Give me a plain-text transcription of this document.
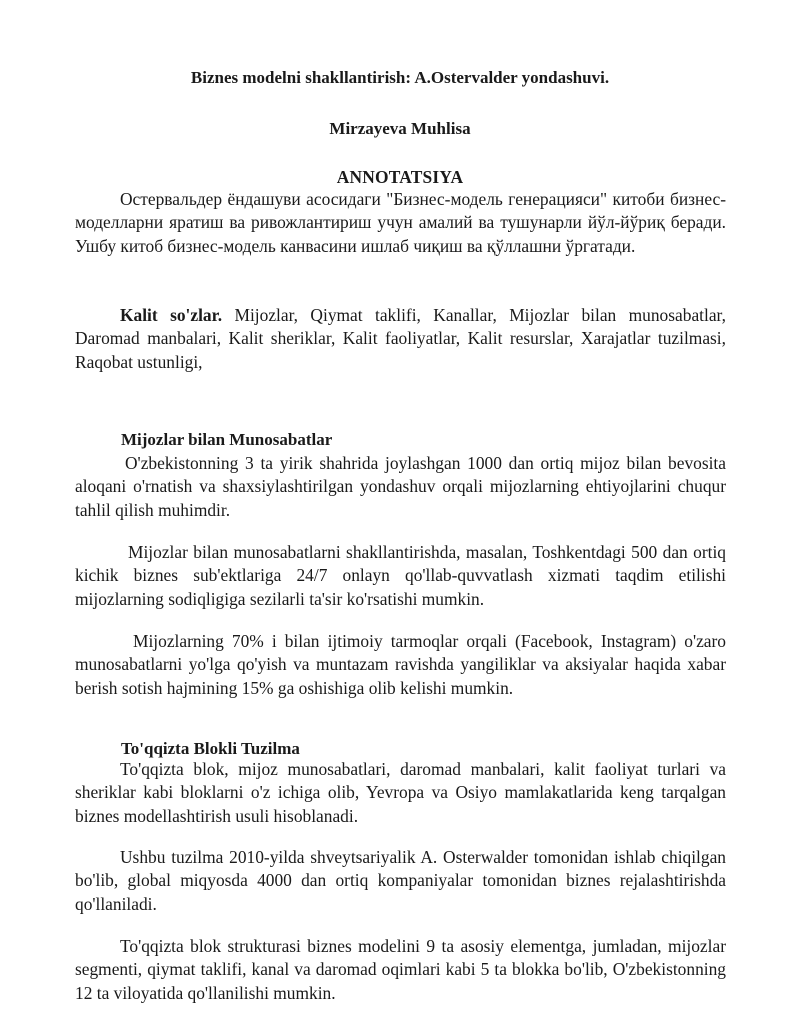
Biznes modelni shakllantirish: A.Ostervalder yondashuvi.
Mirzayeva Muhlisa
ANNOTATSIYA
Остервальдер ёндашуви асосидаги "Бизнес-модель генерацияси" китоби бизнес-моделларни яратиш ва ривожлантириш учун амалий ва тушунарли йўл-йўриқ беради. Ушбу китоб бизнес-модель канвасини ишлаб чиқиш ва қўллашни ўргатади.
Kalit so'zlar. Mijozlar, Qiymat taklifi, Kanallar, Mijozlar bilan munosabatlar, Daromad manbalari, Kalit sheriklar, Kalit faoliyatlar, Kalit resurslar, Xarajatlar tuzilmasi, Raqobat ustunligi,
Mijozlar bilan Munosabatlar
O'zbekistonning 3 ta yirik shahrida joylashgan 1000 dan ortiq mijoz bilan bevosita aloqani o'rnatish va shaxsiylashtirilgan yondashuv orqali mijozlarning ehtiyojlarini chuqur tahlil qilish muhimdir.
Mijozlar bilan munosabatlarni shakllantirishda, masalan, Toshkentdagi 500 dan ortiq kichik biznes sub'ektlariga 24/7 onlayn qo'llab-quvvatlash xizmati taqdim etilishi mijozlarning sodiqligiga sezilarli ta'sir ko'rsatishi mumkin.
Mijozlarning 70% i bilan ijtimoiy tarmoqlar orqali (Facebook, Instagram) o'zaro munosabatlarni yo'lga qo'yish va muntazam ravishda yangiliklar va aksiyalar haqida xabar berish sotish hajmining 15% ga oshishiga olib kelishi mumkin.
To'qqizta Blokli Tuzilma
To'qqizta blok, mijoz munosabatlari, daromad manbalari, kalit faoliyat turlari va sheriklar kabi bloklarni o'z ichiga olib, Yevropa va Osiyo mamlakatlarida keng tarqalgan biznes modellashtirish usuli hisoblanadi.
Ushbu tuzilma 2010-yilda shveytsariyalik A. Osterwalder tomonidan ishlab chiqilgan bo'lib, global miqyosda 4000 dan ortiq kompaniyalar tomonidan biznes rejalashtirishda qo'llaniladi.
To'qqizta blok strukturasi biznes modelini 9 ta asosiy elementga, jumladan, mijozlar segmenti, qiymat taklifi, kanal va daromad oqimlari kabi 5 ta blokka bo'lib, O'zbekistonning 12 ta viloyatida qo'llanilishi mumkin.
